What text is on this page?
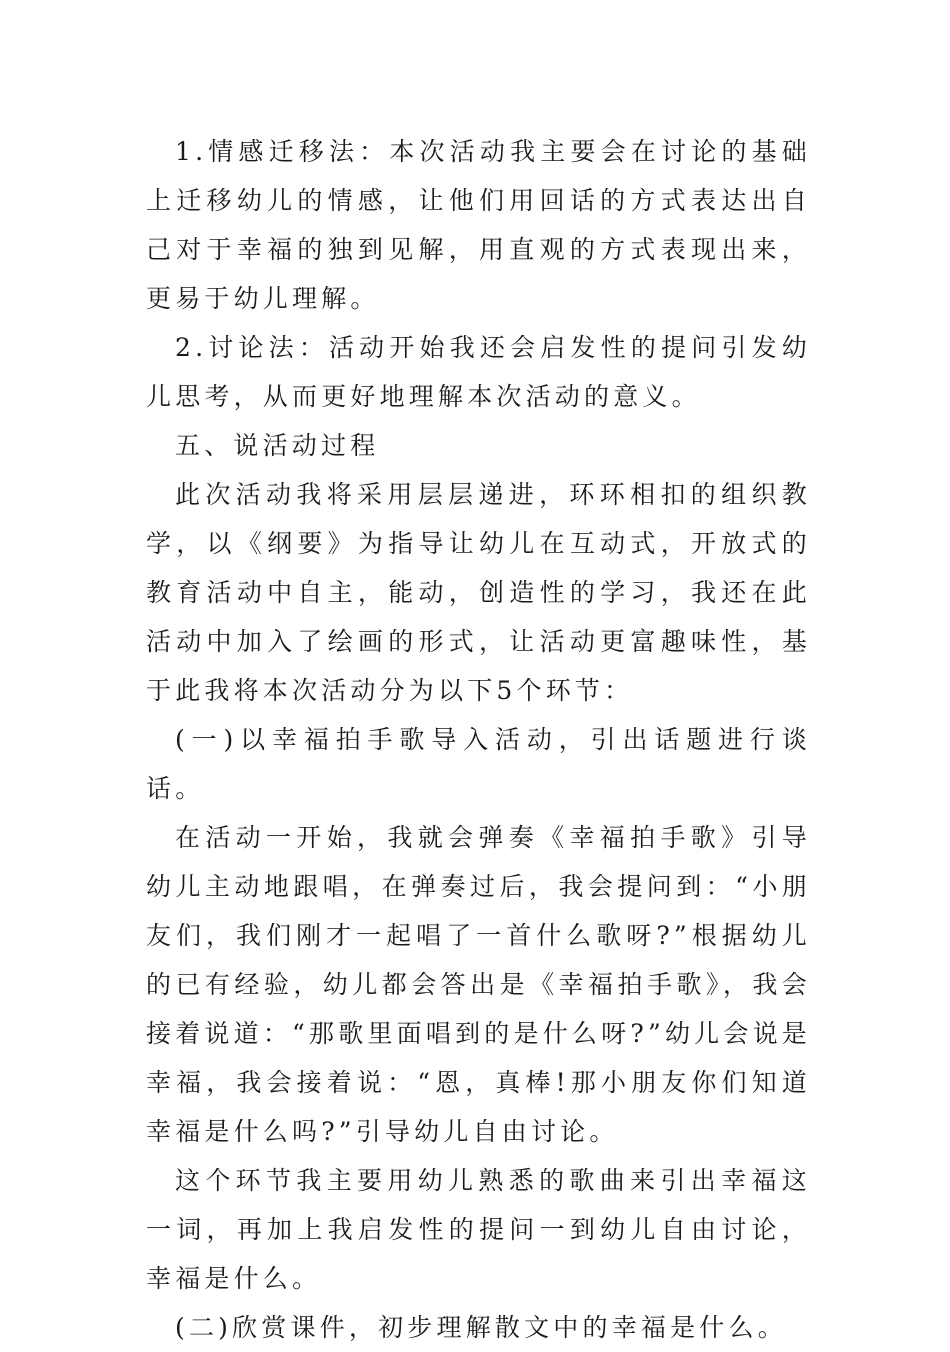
1.情感迁移法：本次活动我主要会在讨论的基础上迁移幼儿的情感，让他们用回话的方式表达出自己对于幸福的独到见解，用直观的方式表现出来，更易于幼儿理解。

2.讨论法：活动开始我还会启发性的提问引发幼儿思考，从而更好地理解本次活动的意义。

五、说活动过程

此次活动我将采用层层递进，环环相扣的组织教学，以《纲要》为指导让幼儿在互动式，开放式的教育活动中自主，能动，创造性的学习，我还在此活动中加入了绘画的形式，让活动更富趣味性，基于此我将本次活动分为以下5个环节：

(一)以幸福拍手歌导入活动，引出话题进行谈话。

在活动一开始，我就会弹奏《幸福拍手歌》引导幼儿主动地跟唱，在弹奏过后，我会提问到：“小朋友们，我们刚才一起唱了一首什么歌呀?”根据幼儿的已有经验，幼儿都会答出是《幸福拍手歌》，我会接着说道：“那歌里面唱到的是什么呀?”幼儿会说是幸福，我会接着说：“恩，真棒!那小朋友你们知道幸福是什么吗?”引导幼儿自由讨论。

这个环节我主要用幼儿熟悉的歌曲来引出幸福这一词，再加上我启发性的提问一到幼儿自由讨论，幸福是什么。

(二)欣赏课件，初步理解散文中的幸福是什么。
